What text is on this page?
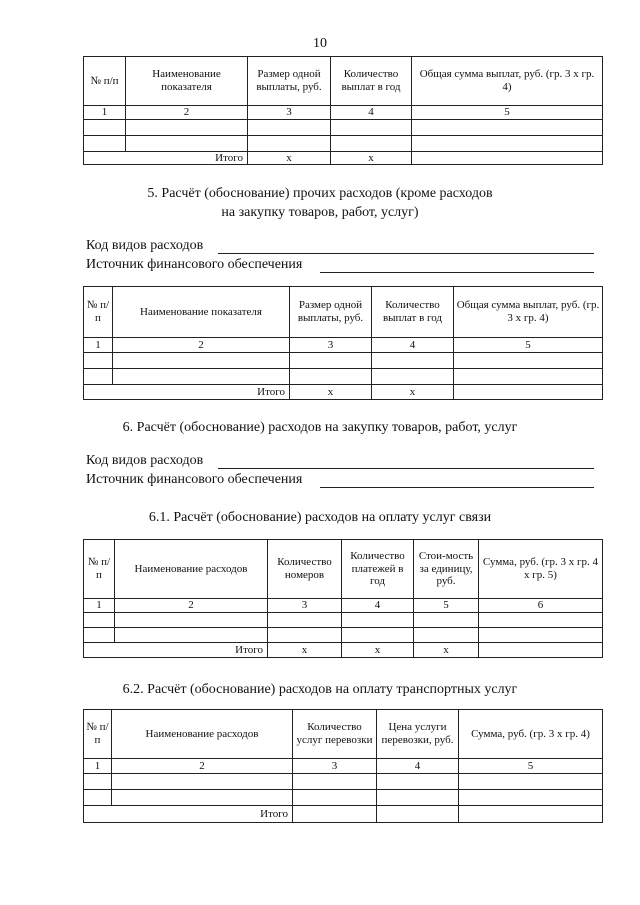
10
№ п/п	Наименование показателя	Размер одной выплаты, руб.	Количество выплат в год	Общая сумма выплат, руб. (гр. 3 х гр. 4)
1	2	3	4	5

Итого		х	х	
5. Расчёт (обоснование) прочих расходов (кроме расходов
на закупку товаров, работ, услуг)
Код видов расходов
Источник финансового обеспечения
№ п/п	Наименование показателя	Размер одной выплаты, руб.	Количество выплат в год	Общая сумма выплат, руб. (гр. 3 х гр. 4)
1	2	3	4	5

Итого		х	х	
6. Расчёт (обоснование) расходов на закупку товаров, работ, услуг
Код видов расходов
Источник финансового обеспечения
6.1. Расчёт (обоснование) расходов на оплату услуг связи
№ п/п	Наименование расходов	Количество номеров	Количество платежей в год	Стои-мость за единицу, руб.	Сумма, руб. (гр. 3 х гр. 4 х гр. 5)
1	2	3	4	5	6

Итого		х	х	х	
6.2. Расчёт (обоснование) расходов на оплату транспортных услуг
№ п/п	Наименование расходов	Количество услуг перевозки	Цена услуги перевозки, руб.	Сумма, руб. (гр. 3 х гр. 4)
1	2	3	4	5

Итого				
